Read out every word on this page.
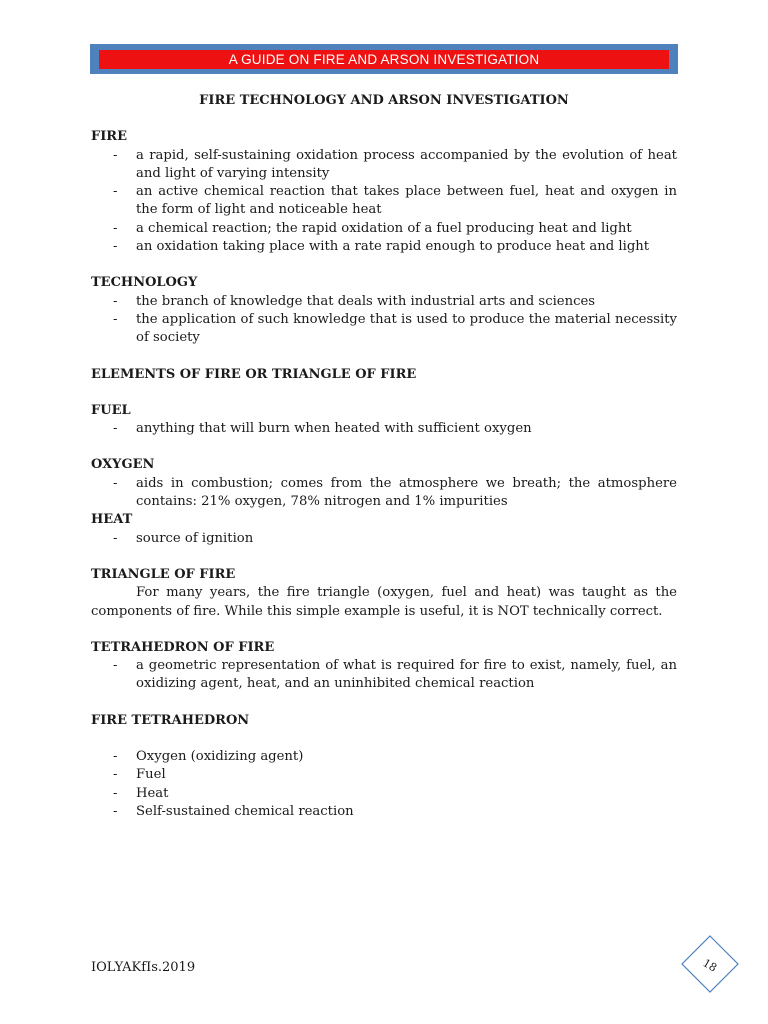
A GUIDE ON FIRE AND ARSON INVESTIGATION
FIRE TECHNOLOGY AND ARSON INVESTIGATION
FIRE
- a rapid, self-sustaining oxidation process accompanied by the evolution of heat and light of varying intensity
- an active chemical reaction that takes place between fuel, heat and oxygen in the form of light and noticeable heat
- a chemical reaction; the rapid oxidation of a fuel producing heat and light
- an oxidation taking place with a rate rapid enough to produce heat and light
TECHNOLOGY
- the branch of knowledge that deals with industrial arts and sciences
- the application of such knowledge that is used to produce the material necessity of society
ELEMENTS OF FIRE OR TRIANGLE OF FIRE
FUEL
- anything that will burn when heated with sufficient oxygen
OXYGEN
- aids in combustion; comes from the atmosphere we breath; the atmosphere contains: 21% oxygen, 78% nitrogen and 1% impurities
HEAT
- source of ignition
TRIANGLE OF FIRE

For many years, the fire triangle (oxygen, fuel and heat) was taught as the components of fire. While this simple example is useful, it is NOT technically correct.

TETRAHEDRON OF FIRE
- a geometric representation of what is required for fire to exist, namely, fuel, an oxidizing agent, heat, and an uninhibited chemical reaction
FIRE TETRAHEDRON
- Oxygen (oxidizing agent)
- Fuel
- Heat
- Self-sustained chemical reaction
IOLYAKfIs.2019	18
